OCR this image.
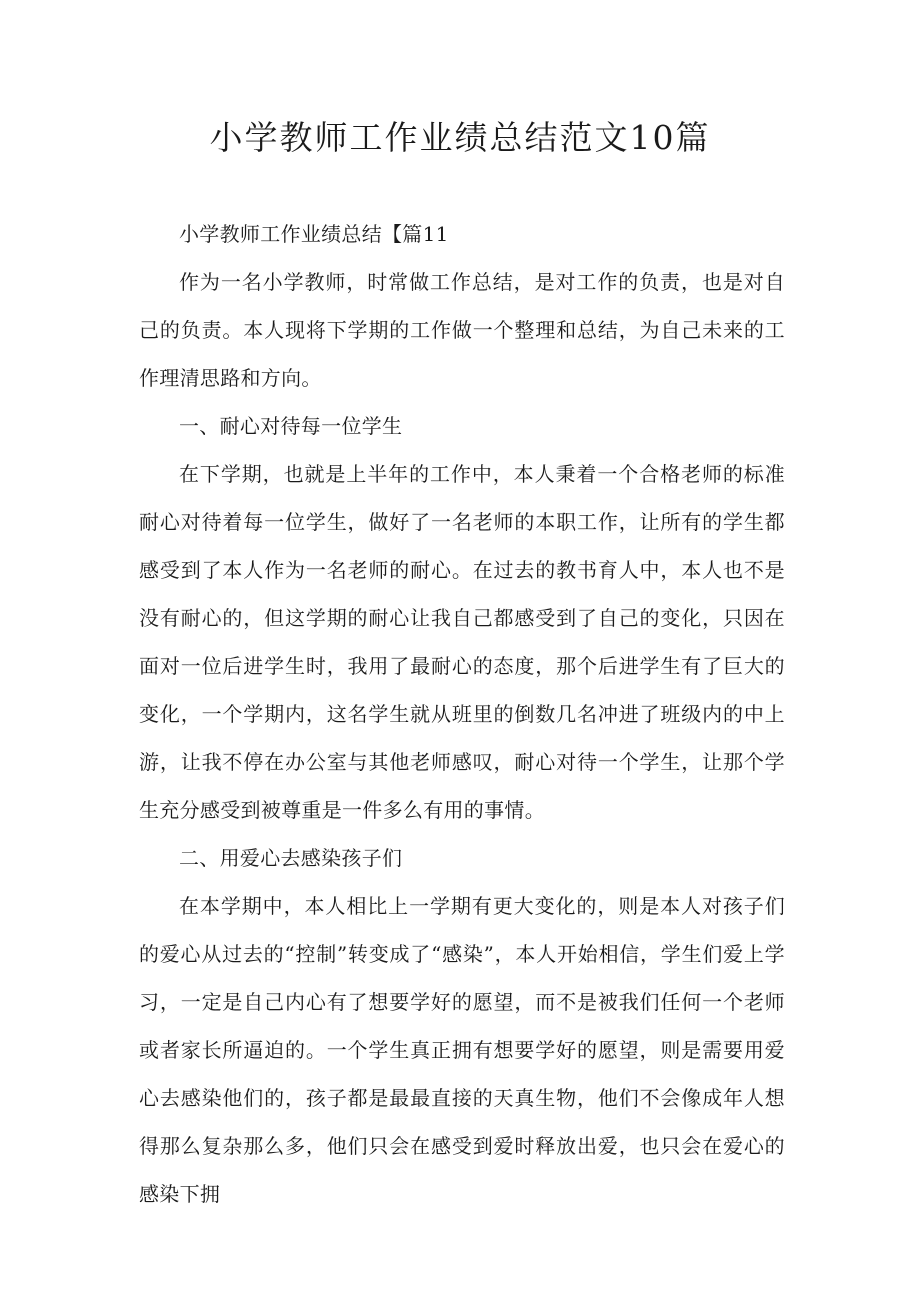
小学教师工作业绩总结范文10篇

小学教师工作业绩总结【篇11

作为一名小学教师，时常做工作总结，是对工作的负责，也是对自己的负责。本人现将下学期的工作做一个整理和总结，为自己未来的工作理清思路和方向。

一、耐心对待每一位学生

在下学期，也就是上半年的工作中，本人秉着一个合格老师的标准耐心对待着每一位学生，做好了一名老师的本职工作，让所有的学生都感受到了本人作为一名老师的耐心。在过去的教书育人中，本人也不是没有耐心的，但这学期的耐心让我自己都感受到了自己的变化，只因在面对一位后进学生时，我用了最耐心的态度，那个后进学生有了巨大的变化，一个学期内，这名学生就从班里的倒数几名冲进了班级内的中上游，让我不停在办公室与其他老师感叹，耐心对待一个学生，让那个学生充分感受到被尊重是一件多么有用的事情。

二、用爱心去感染孩子们

在本学期中，本人相比上一学期有更大变化的，则是本人对孩子们的爱心从过去的“控制”转变成了“感染”，本人开始相信，学生们爱上学习，一定是自己内心有了想要学好的愿望，而不是被我们任何一个老师或者家长所逼迫的。一个学生真正拥有想要学好的愿望，则是需要用爱心去感染他们的，孩子都是最最直接的天真生物，他们不会像成年人想得那么复杂那么多，他们只会在感受到爱时释放出爱，也只会在爱心的感染下拥
